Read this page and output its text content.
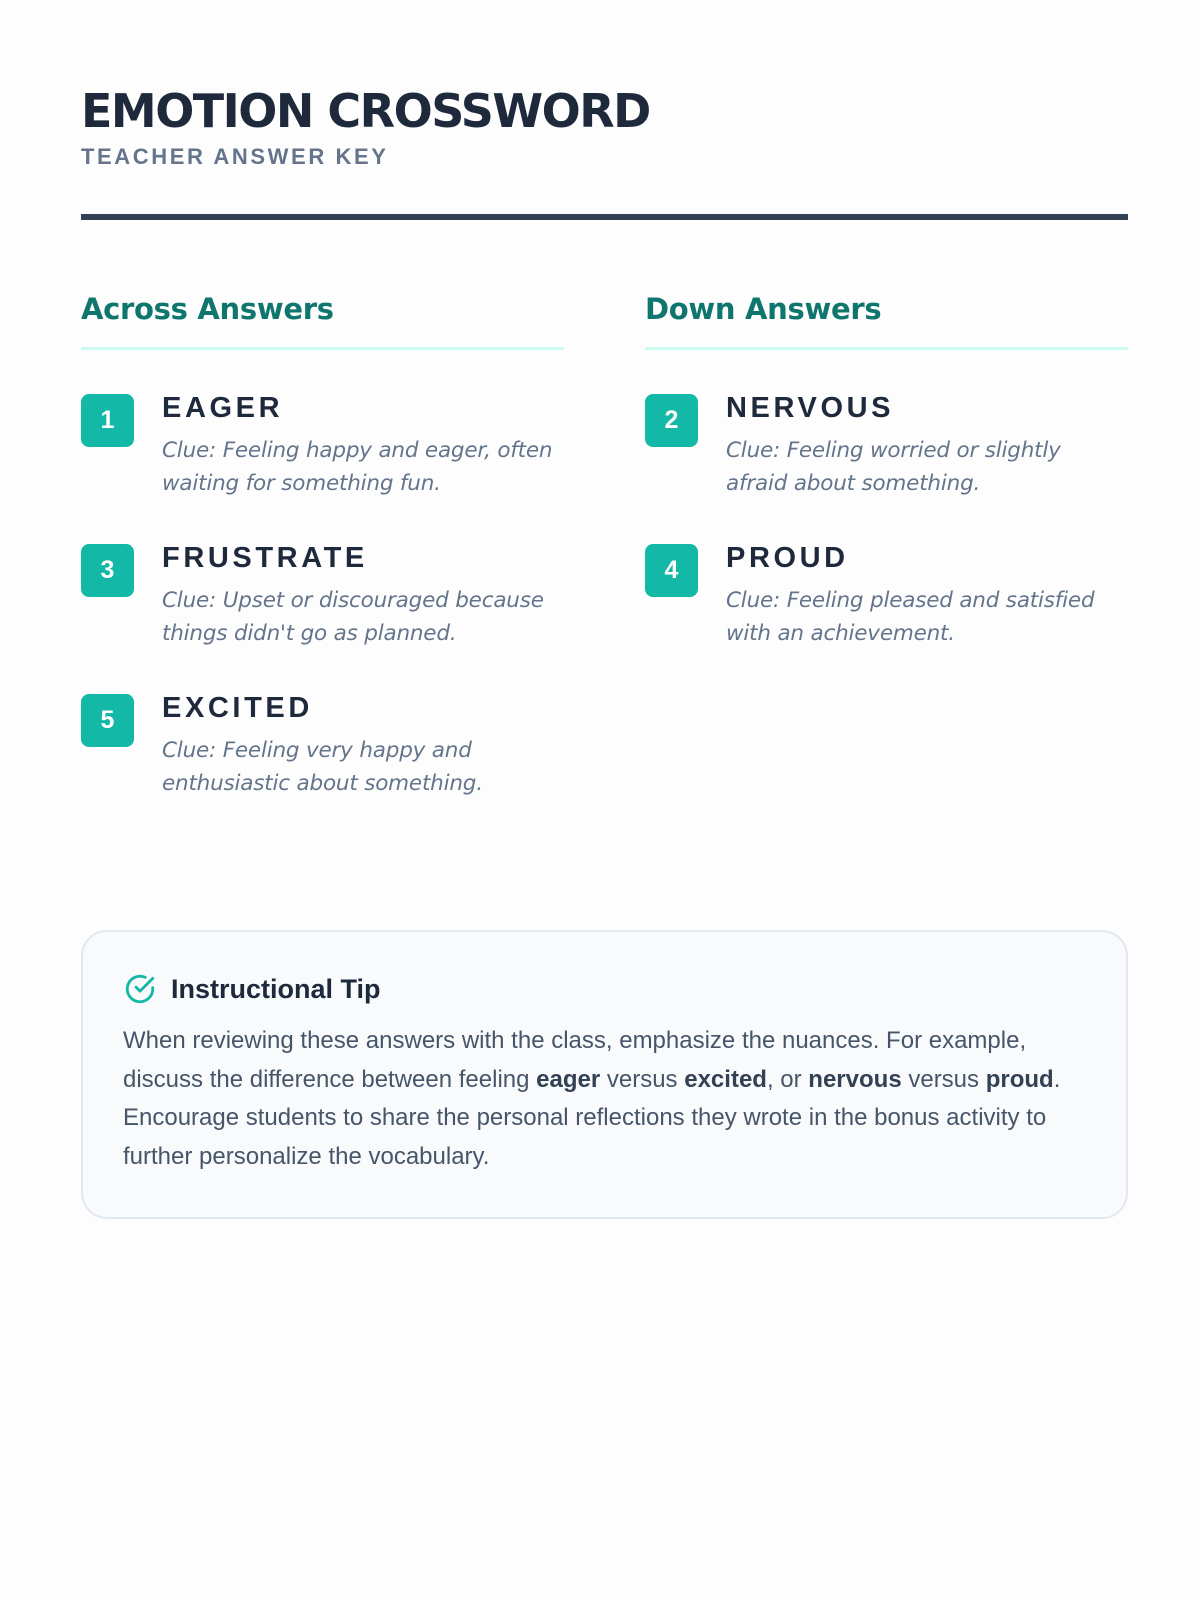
EMOTION CROSSWORD
TEACHER ANSWER KEY
Across Answers
1	EAGER
Clue: Feeling happy and eager, often waiting for something fun.
3	FRUSTRATE
Clue: Upset or discouraged because things didn't go as planned.
5	EXCITED
Clue: Feeling very happy and enthusiastic about something.
Down Answers
2	NERVOUS
Clue: Feeling worried or slightly afraid about something.
4	PROUD
Clue: Feeling pleased and satisfied with an achievement.
Instructional Tip

When reviewing these answers with the class, emphasize the nuances. For example, discuss the difference between feeling eager versus excited, or nervous versus proud. Encourage students to share the personal reflections they wrote in the bonus activity to further personalize the vocabulary.
